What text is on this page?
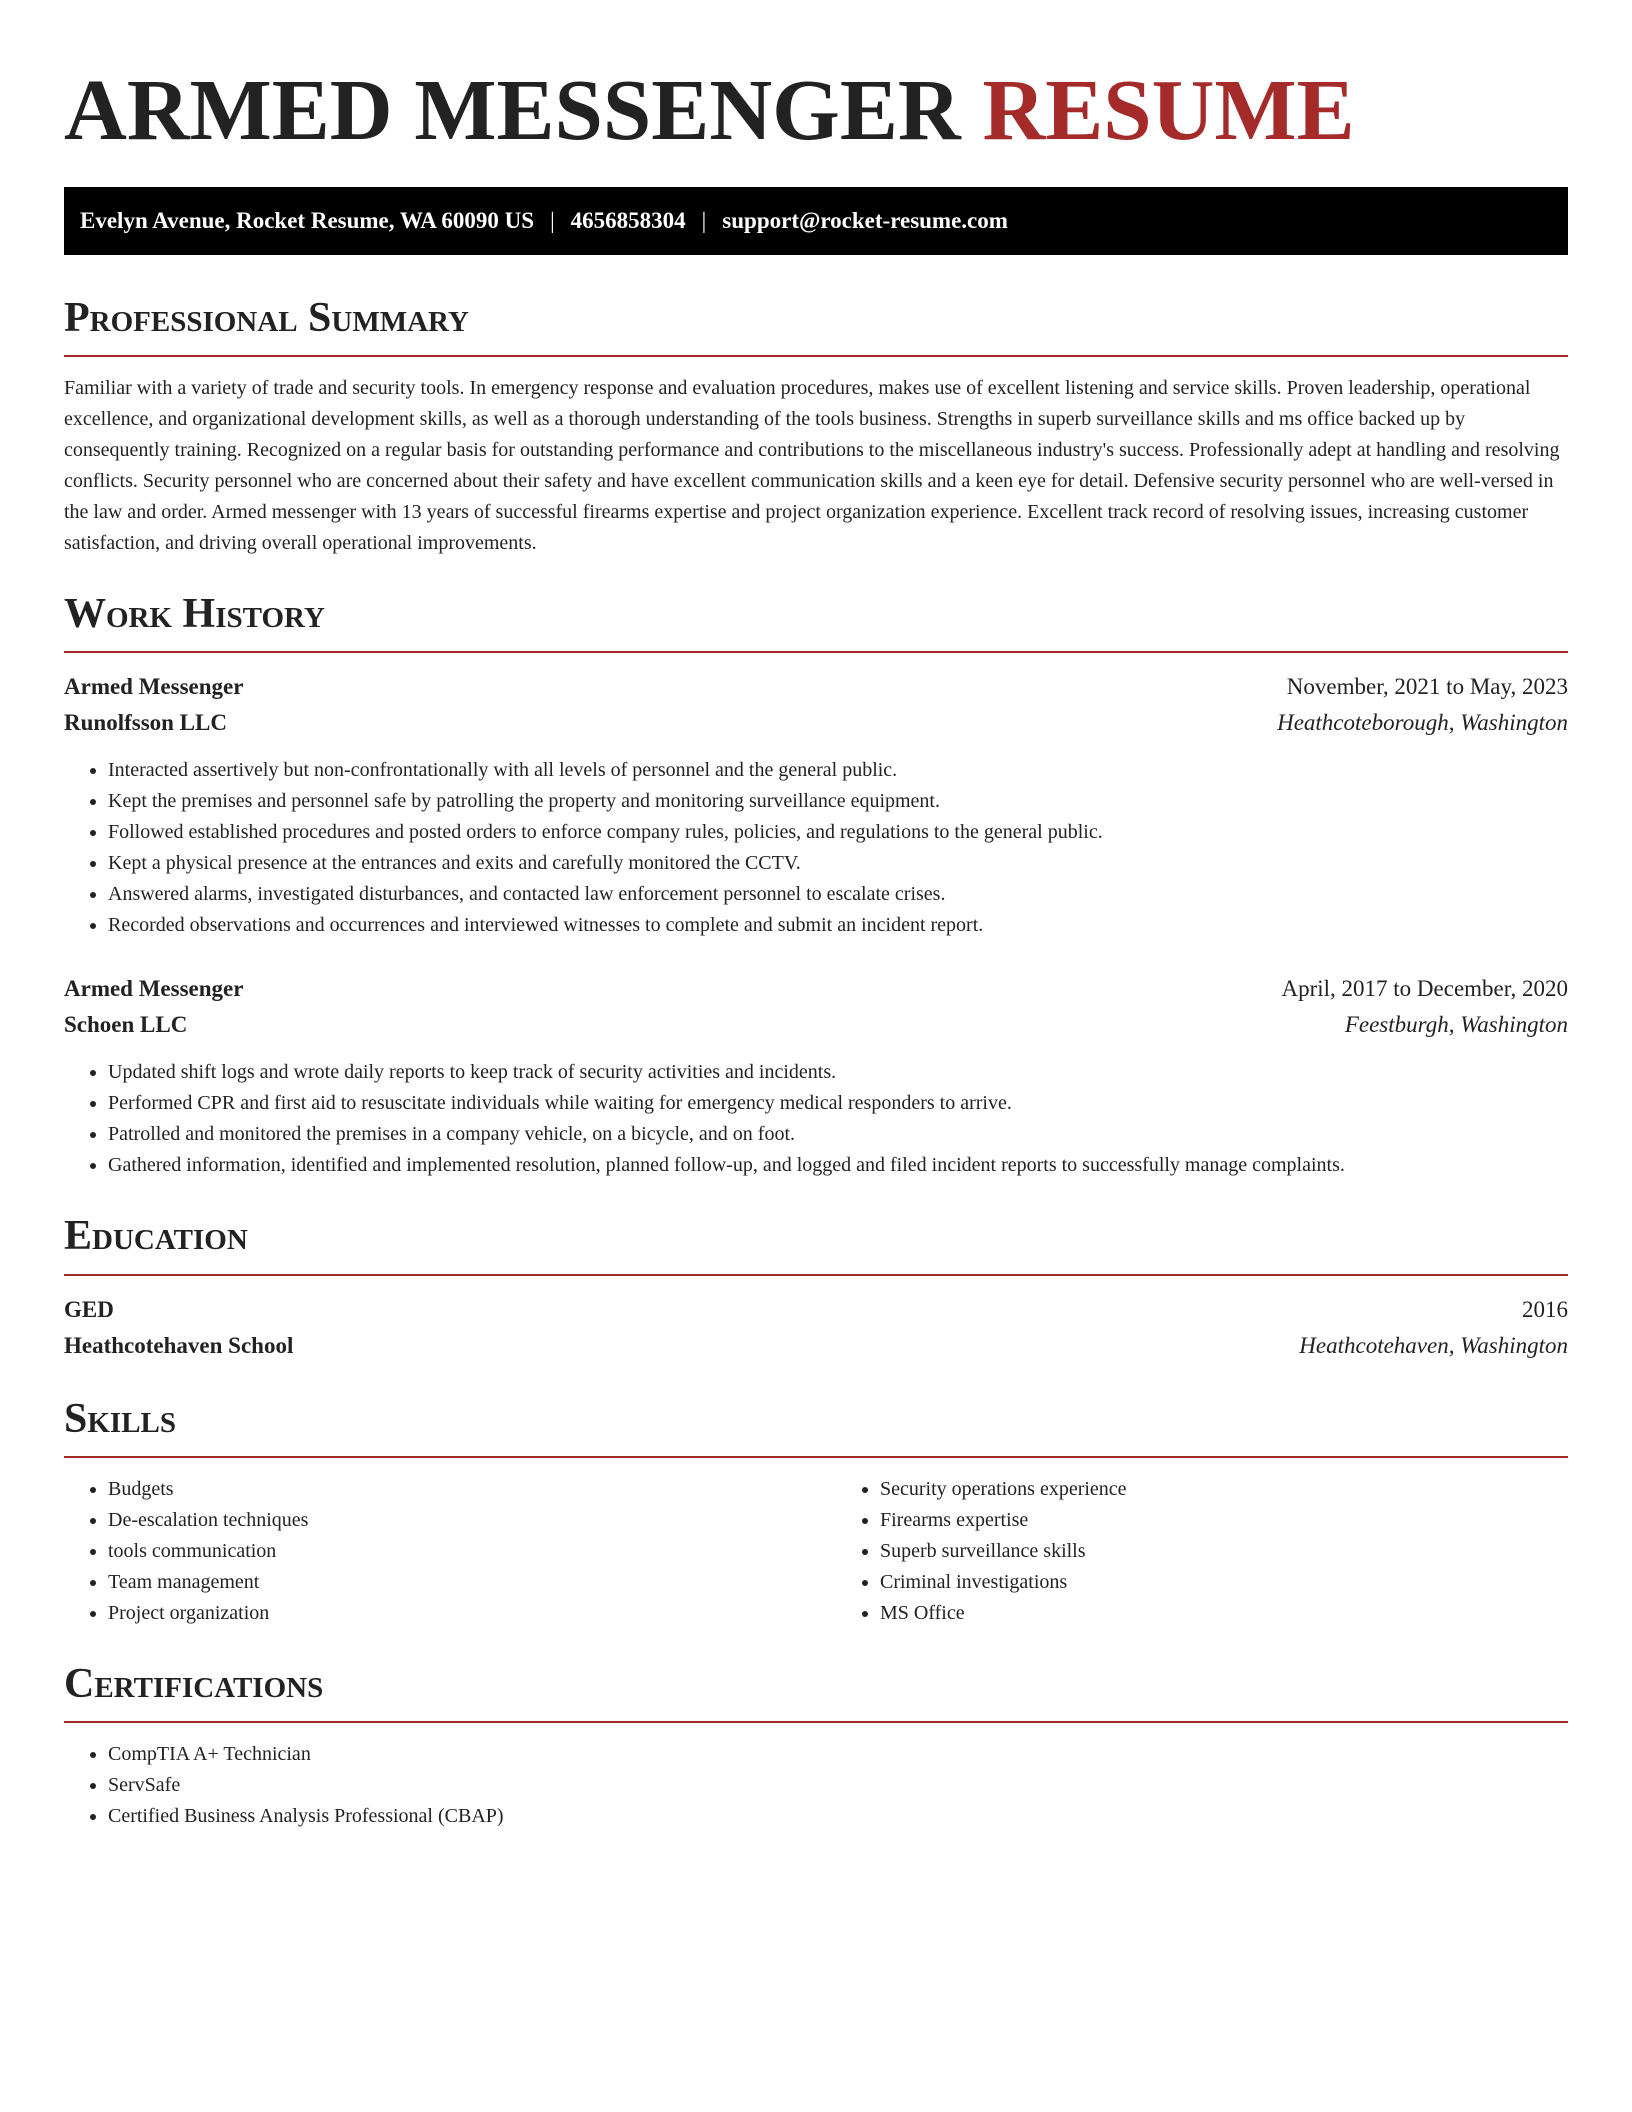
ARMED MESSENGER RESUME
Evelyn Avenue, Rocket Resume, WA 60090 US | 4656858304 | support@rocket-resume.com
Professional Summary

Familiar with a variety of trade and security tools. In emergency response and evaluation procedures, makes use of excellent listening and service skills. Proven leadership, operational excellence, and organizational development skills, as well as a thorough understanding of the tools business. Strengths in superb surveillance skills and ms office backed up by consequently training. Recognized on a regular basis for outstanding performance and contributions to the miscellaneous industry's success. Professionally adept at handling and resolving conflicts. Security personnel who are concerned about their safety and have excellent communication skills and a keen eye for detail. Defensive security personnel who are well-versed in the law and order. Armed messenger with 13 years of successful firearms expertise and project organization experience. Excellent track record of resolving issues, increasing customer satisfaction, and driving overall operational improvements.

Work History
Armed Messenger	November, 2021 to May, 2023
Runolfsson LLC	Heathcoteborough, Washington
• Interacted assertively but non-confrontationally with all levels of personnel and the general public.
• Kept the premises and personnel safe by patrolling the property and monitoring surveillance equipment.
• Followed established procedures and posted orders to enforce company rules, policies, and regulations to the general public.
• Kept a physical presence at the entrances and exits and carefully monitored the CCTV.
• Answered alarms, investigated disturbances, and contacted law enforcement personnel to escalate crises.
• Recorded observations and occurrences and interviewed witnesses to complete and submit an incident report.
Armed Messenger	April, 2017 to December, 2020
Schoen LLC	Feestburgh, Washington
• Updated shift logs and wrote daily reports to keep track of security activities and incidents.
• Performed CPR and first aid to resuscitate individuals while waiting for emergency medical responders to arrive.
• Patrolled and monitored the premises in a company vehicle, on a bicycle, and on foot.
• Gathered information, identified and implemented resolution, planned follow-up, and logged and filed incident reports to successfully manage complaints.
Education
GED	2016
Heathcotehaven School	Heathcotehaven, Washington
Skills
• Budgets
• De-escalation techniques
• tools communication
• Team management
• Project organization
• Security operations experience
• Firearms expertise
• Superb surveillance skills
• Criminal investigations
• MS Office
Certifications
• CompTIA A+ Technician
• ServSafe
• Certified Business Analysis Professional (CBAP)
